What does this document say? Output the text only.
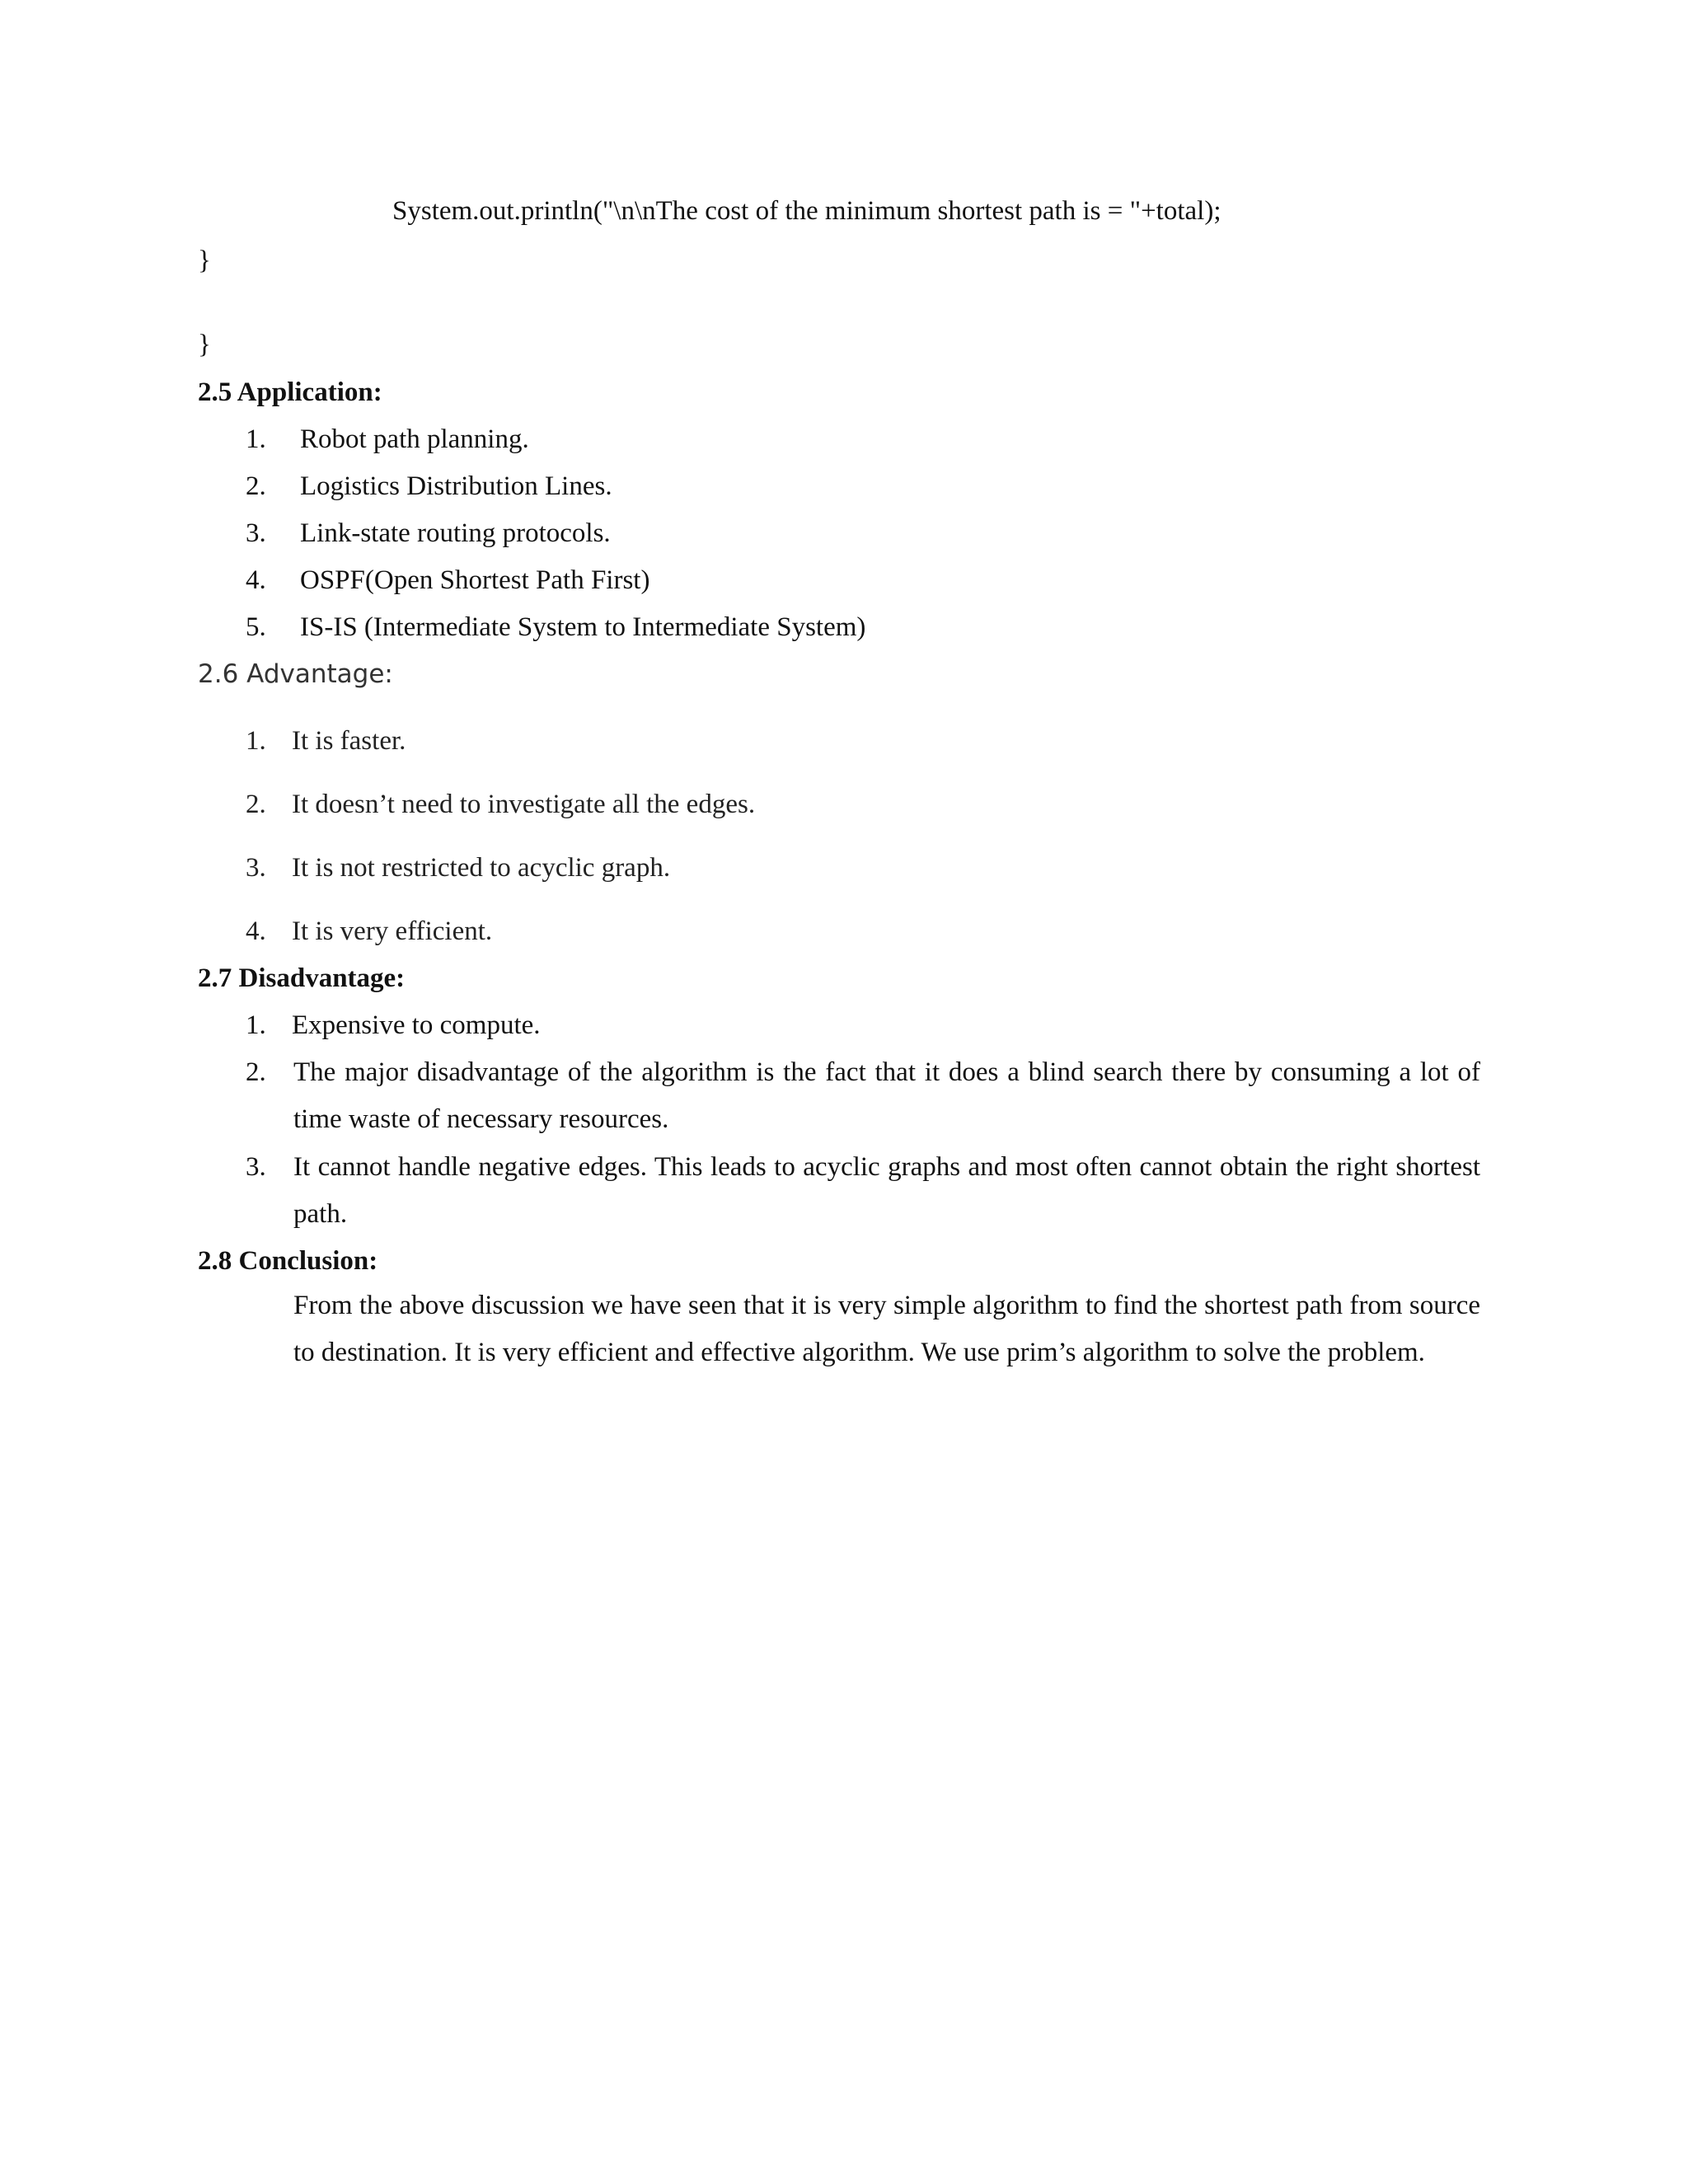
System.out.println("\n\nThe cost of the minimum shortest path is = "+total);
}
}
2.5 Application:
1. Robot path planning.
2. Logistics Distribution Lines.
3. Link-state routing protocols.
4. OSPF(Open Shortest Path First)
5. IS-IS (Intermediate System to Intermediate System)
2.6 Advantage:
1. It is faster.
2. It doesn’t need to investigate all the edges.
3. It is not restricted to acyclic graph.
4. It is very efficient.
2.7 Disadvantage:
1. Expensive to compute.
2. The major disadvantage of the algorithm is the fact that it does a blind search there by consuming a lot of time waste of necessary resources.
3. It cannot handle negative edges. This leads to acyclic graphs and most often cannot obtain the right shortest path.
2.8 Conclusion:
From the above discussion we have seen that it is very simple algorithm to find the shortest path from source to destination. It is very efficient and effective algorithm. We use prim’s algorithm to solve the problem.
